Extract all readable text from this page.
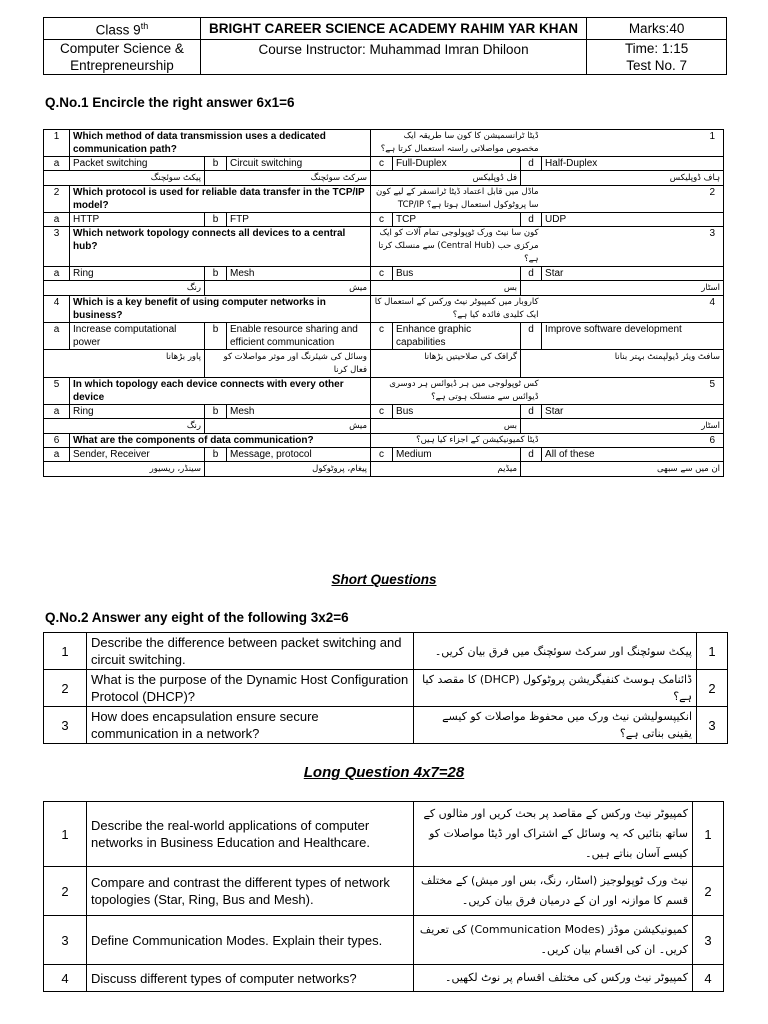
Class 9th	BRIGHT CAREER SCIENCE ACADEMY RAHIM YAR KHAN	Marks:40
Computer Science & Entrepreneurship	Course Instructor: Muhammad Imran Dhiloon	Time: 1:15
		Test No. 7
Q.No.1 Encircle the right answer 6x1=6
1	Which method of data transmission uses a dedicated communication path?			ڈیٹا ٹرانسمیشن کا کون سا طریقہ ایک مخصوص مواصلاتی راستہ استعمال کرتا ہے؟			1
a	Packet switching	b	Circuit switching	c	Full-Duplex	d	Half-Duplex
پیکٹ سوئچنگ		سرکٹ سوئچنگ		فل ڈوپلیکس		ہاف ڈوپلیکس	
2	Which protocol is used for reliable data transfer in the TCP/IP model?			ماڈل میں قابل اعتماد ڈیٹا ٹرانسفر کے لیے کون سا پروٹوکول استعمال ہوتا ہے؟ TCP/IP			2
a	HTTP	b	FTP	c	TCP	d	UDP
3	Which network topology connects all devices to a central hub?			کون سا نیٹ ورک ٹوپولوجی تمام آلات کو ایک مرکزی حب (Central Hub) سے منسلک کرتا ہے؟			3
a	Ring	b	Mesh	c	Bus	d	Star
رنگ		میش		بس		اسٹار	
4	Which is a key benefit of using computer networks in business?			کاروبار میں کمپیوٹر نیٹ ورکس کے استعمال کا ایک کلیدی فائدہ کیا ہے؟			4
a	Increase computational power	b	Enable resource sharing and efficient communication	c	Enhance graphic capabilities	d	Improve software development
پاور بڑھانا		وسائل کی شیئرنگ اور موثر مواصلات کو فعال کرنا		گرافک کی صلاحیتیں بڑھانا		سافٹ ویئر ڈیولپمنٹ بہتر بنانا	
5	In which topology each device connects with every other device			کس ٹوپولوجی میں ہر ڈیوائس ہر دوسری ڈیوائس سے منسلک ہوتی ہے؟			5
a	Ring	b	Mesh	c	Bus	d	Star
رنگ		میش		بس		اسٹار	
6	What are the components of data communication?			ڈیٹا کمیونیکیشن کے اجزاء کیا ہیں؟			6
a	Sender, Receiver	b	Message, protocol	c	Medium	d	All of these
سینڈر، ریسیور		پیغام، پروٹوکول		میڈیم		ان میں سے سبھی	
Short Questions
Q.No.2 Answer any eight of the following 3x2=6
1	Describe the difference between packet switching and circuit switching.	پیکٹ سوئچنگ اور سرکٹ سوئچنگ میں فرق بیان کریں۔	1
2	What is the purpose of the Dynamic Host Configuration Protocol (DHCP)?	ڈائنامک ہوسٹ کنفیگریشن پروٹوکول (DHCP) کا مقصد کیا ہے؟	2
3	How does encapsulation ensure secure communication in a network?	انکیپسولیشن نیٹ ورک میں محفوظ مواصلات کو کیسے یقینی بناتی ہے؟	3
Long Question 4x7=28
1	Describe the real-world applications of computer networks in Business Education and Healthcare.	کمپیوٹر نیٹ ورکس کے مقاصد پر بحث کریں اور مثالوں کے ساتھ بتائیں کہ یہ وسائل کے اشتراک اور ڈیٹا مواصلات کو کیسے آسان بناتے ہیں۔	1
2	Compare and contrast the different types of network topologies (Star, Ring, Bus and Mesh).	نیٹ ورک ٹوپولوجیز (اسٹار، رنگ، بس اور میش) کے مختلف قسم کا موازنہ اور ان کے درمیان فرق بیان کریں۔	2
3	Define Communication Modes. Explain their types.	کمیونیکیشن موڈز (Communication Modes) کی تعریف کریں۔ ان کی اقسام بیان کریں۔	3
4	Discuss different types of computer networks?	کمپیوٹر نیٹ ورکس کی مختلف اقسام پر نوٹ لکھیں۔	4
